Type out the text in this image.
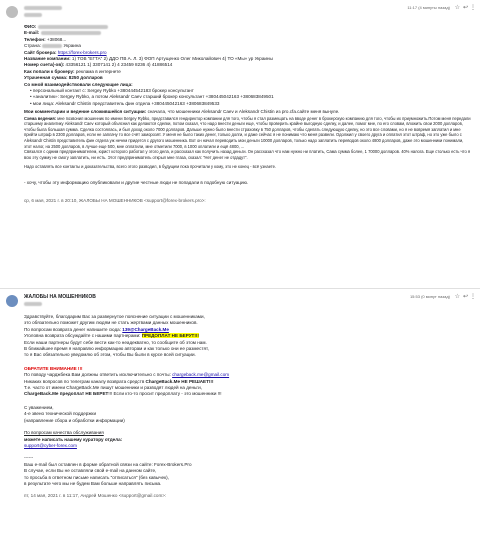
11:17 (4 минуты назад) ☆ ↩ ⋮

ФИО:

E-mail:

Телефон: +38068...

Страна:	Украина

Сайт брокера: https://forex-brokers.pro

Название компании: 1) ТОВ "ЕГТА" 2) ДДО ПВ А. Л. 3) ФОП Артущенко Олег Миколайович 4) ТО «Мы» ур Украины

Номер счета(-ов): 43356121 1) 3307141 2) 4 23459 8236 4) 41886514

Как попали к брокеру: реклама в интернете

Утраченная сумма: 8250 долларов

Со мной взаимодействовали следующие лица:

• персональный контакт с: Sergey Rybko +380444542183 брокер консультант

• «аналитик»: Sergey Rybko, а потом Aleksandr Сaev старший брокер консультант +380445042163 +380683849501

• мои лица: Aleksandr Chistin представитель фин отдела +380445042163 +380683849533

Мои комментарии и ведение сложившейся ситуации: сначала, что мошенники Aleksandr Сaev и Aleksandr Chistin из pro.cfa.сайте меня вынуле.

Схема ведения: мне позвонил мошенник по имени Sergey Rybko, представился гендиректор компании для того, чтобы я стал размещать на вводе денег в брокерскую компанию для того, чтобы их приумножить.Потом меня передали старшему аналитику Aleksandr Сaev который объяснил как делаются сделки, потом сказал, что надо внести деньги еще, чтобы проверить крайне выгодную сделку, и далее, помог мне, по его словам, вложить свои 2000 долларов, чтобы была большая сумма. Сделка состоялась, и был доход около 7000 долларов. Дальше нужно было внести страховку в 750 долларов, чтобы сделать следующую сделку, но это все словами, но я не вовремя заплатил и мне прийти штраф в 2300 долларов, если не заплачу то все счёт заморозят. У меня не было таких денег, только долги, и даже сейчас я не понимаю что меня развели. Одолжил у своего друга и оплатил этот штраф, но это уже было с Aleksandr Chistin представитель фин отдела уж нечем придется с другого мошенника. Вот он начал переводить мои деньги 10000 долларов, только надо заплатить переводов около 4800 долларов, даже это мошенники понимали, этот налог, на 2500 долларов, в лучше еще 500, мне оплатили, мне отметили 7000, в 1000 оплатили и ещё 4800, ...

Связался с одним предпринимателем, юрист которого работал у этого дела, и рассказал как получить назад деньги. Он рассказал что нам нужно ни платить, Сама сумма более, 1 70000 долларов. 40% налога. Еще столько есть что я всю эту сумму не смогу заплатить, ни есть. Этот предприниматель открыл мне глаза, сказал: "Нет денег не отдадут".

Надо оставлять все контакты и доказательства, всего этого разводил, в будущем пока прочитали у кому, это не конец - всё узнаете.

- хочу, чтобы эту информацию опубликовали и другие честные люди не попадали в подобную ситуацию.

ср, 6 мая, 2021 г. в 20:10, ЖАЛОБЫ НА МОШЕННИКОВ <support@forex-brokers.pro>:

ЖАЛОБЫ НА МОШЕННИКОВ	15:53 (0 минут назад) ☆ ↩ ⋮

Здравствуйте, благодарим Вас за развернутое пояснение ситуации с мошенниками,

это обязательно поможет другим людям не стать жертвами данных мошенников.

По вопросам возврата денег напишите сюда: 139@ChargeBack.Me

Уголовнa возврата обсуждайте с нашими партнерами: ПРЕДОПЛАТ НЕ БЕРУТ!!!

Если наши партнеры будут себе вести как-то неадекватно, то сообщите об этом нам.

В ближайшее время я направлю информацию авторам и как только они ее разместят,

то я Вас обязательно уведомлю об этом, чтобы Вы были в курсе всей ситуации.

ОБРАТИТЕ ВНИМАНИЕ !!!

По поводу чарджбека Вам должны ответить исключительно с почты: chargeback.me@gmail.com

Никаких вопросов по телеграм каналу возврата средств ChargeBack.Me НЕ РЕШАЕТ!!!

Т.е. часто от имени ChargeBack.Me пишут мошенники и разводят людей на деньги,

ChargeBack.Me предоплат НЕ БЕРЕТ!!! Если кто-то просит предоплату - это мошенники !!!

С уважением,

4-е звено технической поддержки

(направление сбора и обработки информации)

По вопросам качества обслуживания

можете написать нашему куратору отдела:

support@cyber-forex.com

------

Ваш e-mail был оставлен в форме обратной связи на сайте: Forex-Brokers.Pro

В случае, если Вы не оставляли свой e-mail на данном сайте,

то просьба в ответном письме написать "отписаться" (без кавычек),

в результате чего мы не будем Вам больше направлять письма.

пт, 14 мая, 2021 г. в 11:17, Андрей Мошенко <support@gmail.com>:
